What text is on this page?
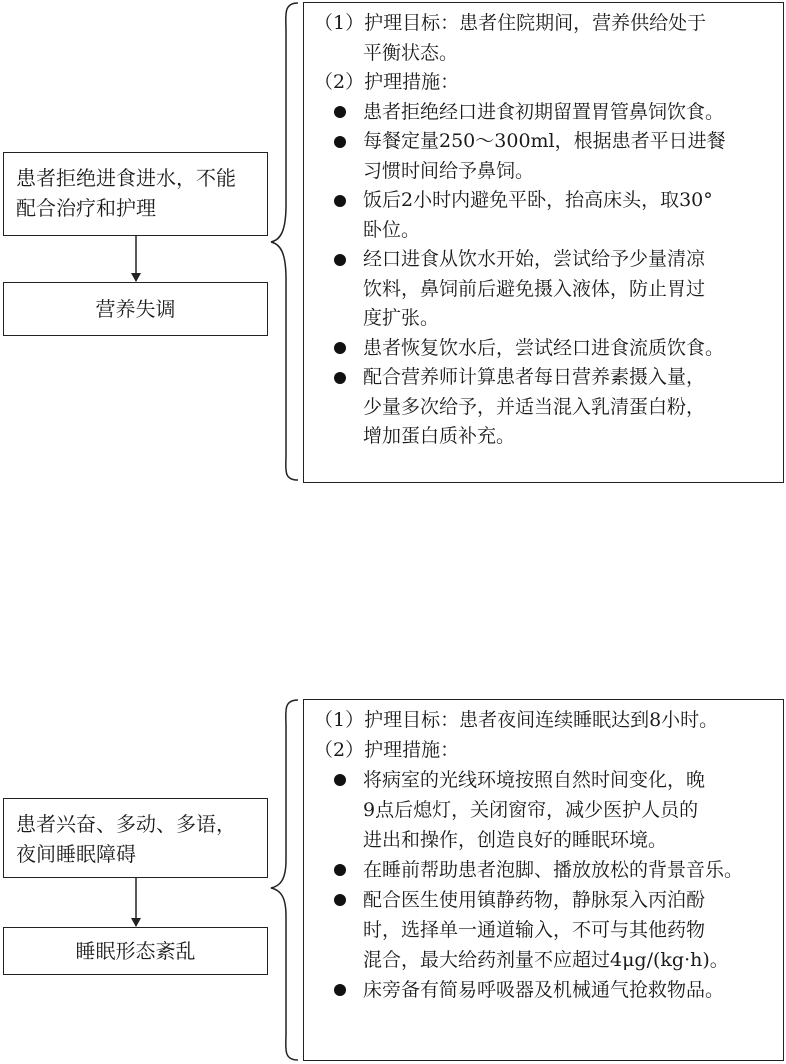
患者拒绝进食进水，不能配合治疗和护理
营养失调
（1）护理目标：患者住院期间，营养供给处于
平衡状态。
（2）护理措施：
患者拒绝经口进食初期留置胃管鼻饲饮食。
每餐定量250～300ml，根据患者平日进餐
习惯时间给予鼻饲。
饭后2小时内避免平卧，抬高床头，取30°
卧位。
经口进食从饮水开始，尝试给予少量清凉
饮料，鼻饲前后避免摄入液体，防止胃过
度扩张。
患者恢复饮水后，尝试经口进食流质饮食。
配合营养师计算患者每日营养素摄入量，
少量多次给予，并适当混入乳清蛋白粉，
增加蛋白质补充。
患者兴奋、多动、多语，
夜间睡眠障碍
睡眠形态紊乱
（1）护理目标：患者夜间连续睡眠达到8小时。
（2）护理措施：
将病室的光线环境按照自然时间变化，晚
9点后熄灯，关闭窗帘，减少医护人员的
进出和操作，创造良好的睡眠环境。
在睡前帮助患者泡脚、播放放松的背景音乐。
配合医生使用镇静药物，静脉泵入丙泊酚
时，选择单一通道输入，不可与其他药物
混合，最大给药剂量不应超过4μg/(kg·h)。
床旁备有简易呼吸器及机械通气抢救物品。
